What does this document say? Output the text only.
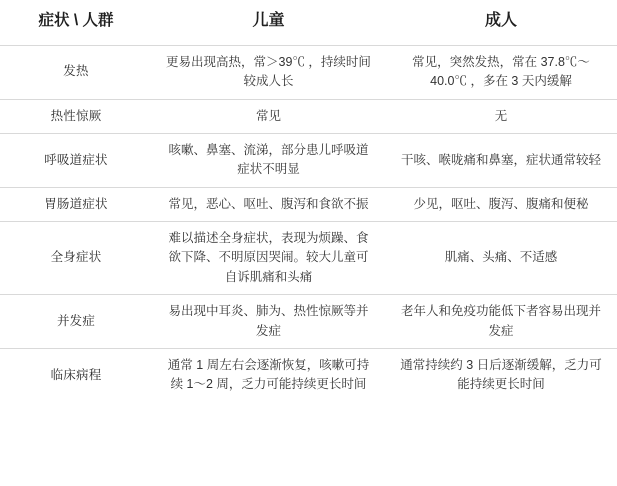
症状 \ 人群	儿童	成人
发热	更易出现高热，常＞39℃ ，持续时间较成人长	常见，突然发热，常在 37.8℃～40.0℃ ，多在 3 天内缓解

热性惊厥	常见	无

呼吸道症状	咳嗽、鼻塞、流涕，部分患儿呼吸道症状不明显	干咳、喉咙痛和鼻塞，症状通常较轻

胃肠道症状	常见，恶心、呕吐、腹泻和食欲不振	少见，呕吐、腹泻、腹痛和便秘

全身症状	难以描述全身症状，表现为烦躁、食欲下降、不明原因哭闹。较大儿童可自诉肌痛和头痛	肌痛、头痛、不适感

并发症	易出现中耳炎、肺为、热性惊厥等并发症	老年人和免疫功能低下者容易出现并发症

临床病程	通常 1 周左右会逐渐恢复，咳嗽可持续 1～2 周，乏力可能持续更长时间	通常持续约 3 日后逐渐缓解，乏力可能持续更长时间
